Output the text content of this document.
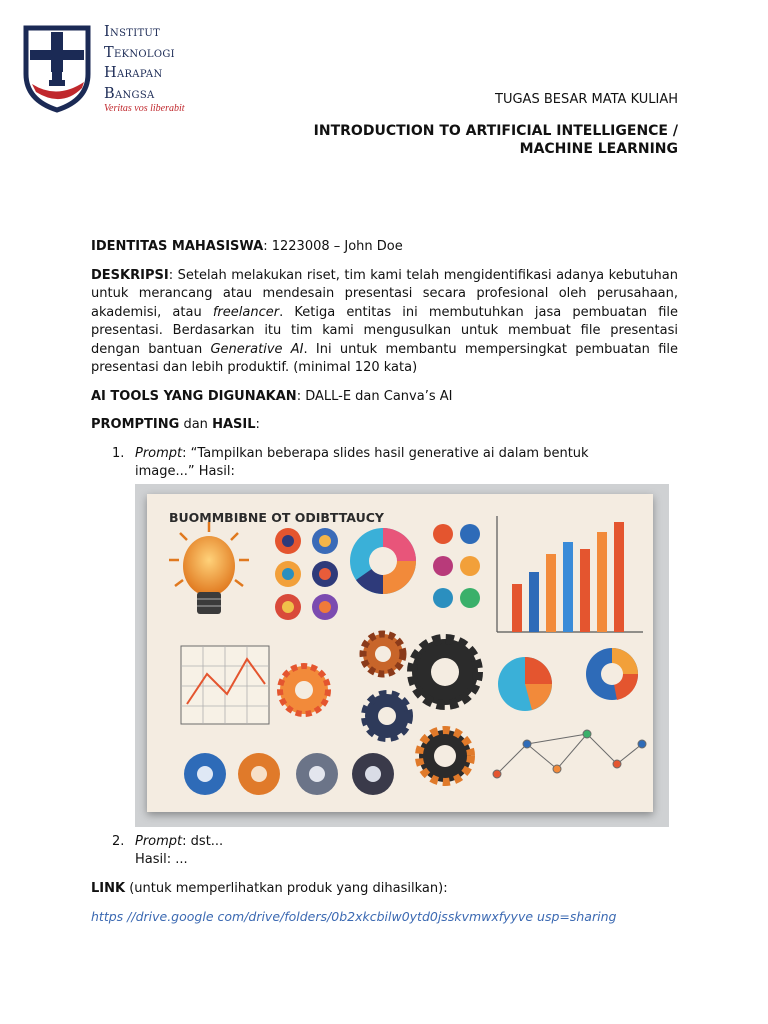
Institut
Teknologi
Harapan
Bangsa
Veritas vos liberabit
TUGAS BESAR MATA KULIAH
INTRODUCTION TO ARTIFICIAL INTELLIGENCE /
MACHINE LEARNING

IDENTITAS MAHASISWA: 1223008 – John Doe

DESKRIPSI: Setelah melakukan riset, tim kami telah mengidentifikasi adanya kebutuhan untuk merancang atau mendesain presentasi secara profesional oleh perusahaan, akademisi, atau freelancer. Ketiga entitas ini membutuhkan jasa pembuatan file presentasi. Berdasarkan itu tim kami mengusulkan untuk membuat file presentasi dengan bantuan Generative AI. Ini untuk membantu mempersingkat pembuatan file presentasi dan lebih produktif. (minimal 120 kata)

AI TOOLS YANG DIGUNAKAN: DALL-E dan Canva’s AI

PROMPTING dan HASIL:

1. Prompt: “Tampilkan beberapa slides hasil generative ai dalam bentuk
image...” Hasil:
BUOMMBIBNE OT ODIBTTAUCY
2. Prompt: dst...
Hasil: ...

LINK (untuk memperlihatkan produk yang dihasilkan):

https //drive.google com/drive/folders/0b2xkcbilw0ytd0jsskvmwxfyyve usp=sharing
